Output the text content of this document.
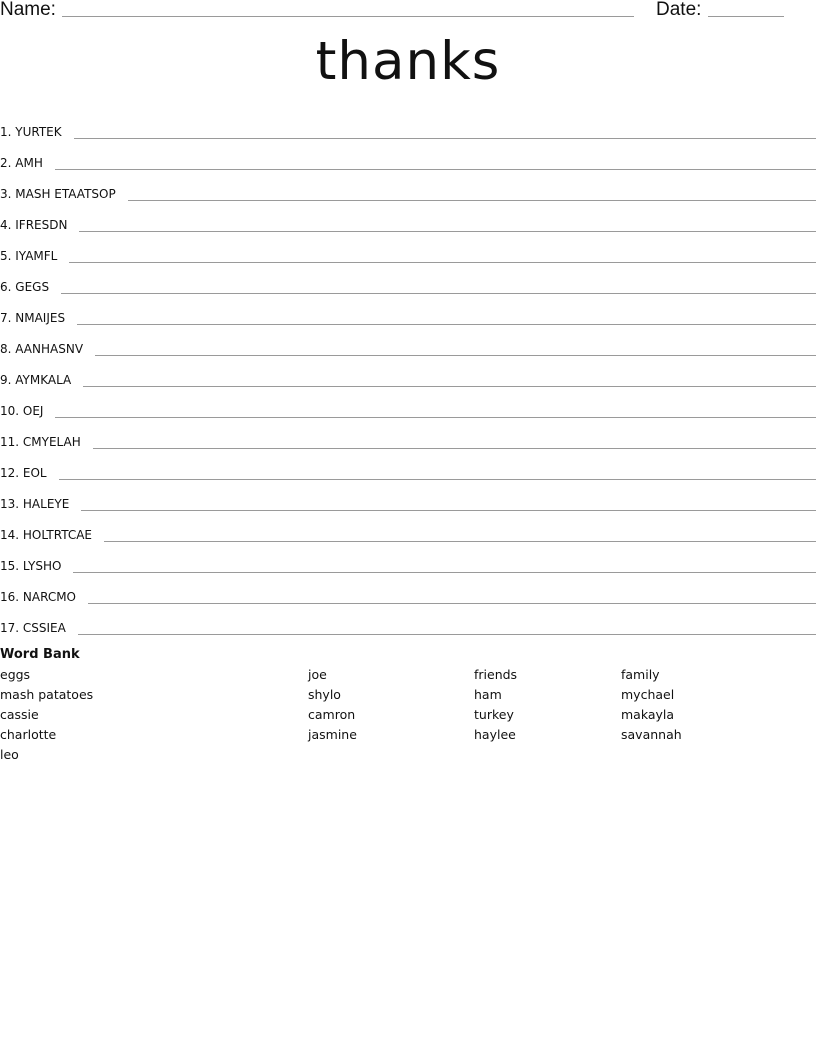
Name:	Date:
thanks
1. YURTEK
2. AMH
3. MASH ETAATSOP
4. IFRESDN
5. IYAMFL
6. GEGS
7. NMAIJES
8. AANHASNV
9. AYMKALA
10. OEJ
11. CMYELAH
12. EOL
13. HALEYE
14. HOLTRTCAE
15. LYSHO
16. NARCMO
17. CSSIEA
Word Bank
eggs	joe	friends	family
mash patatoes	shylo	ham	mychael
cassie	camron	turkey	makayla
charlotte	jasmine	haylee	savannah
leo
